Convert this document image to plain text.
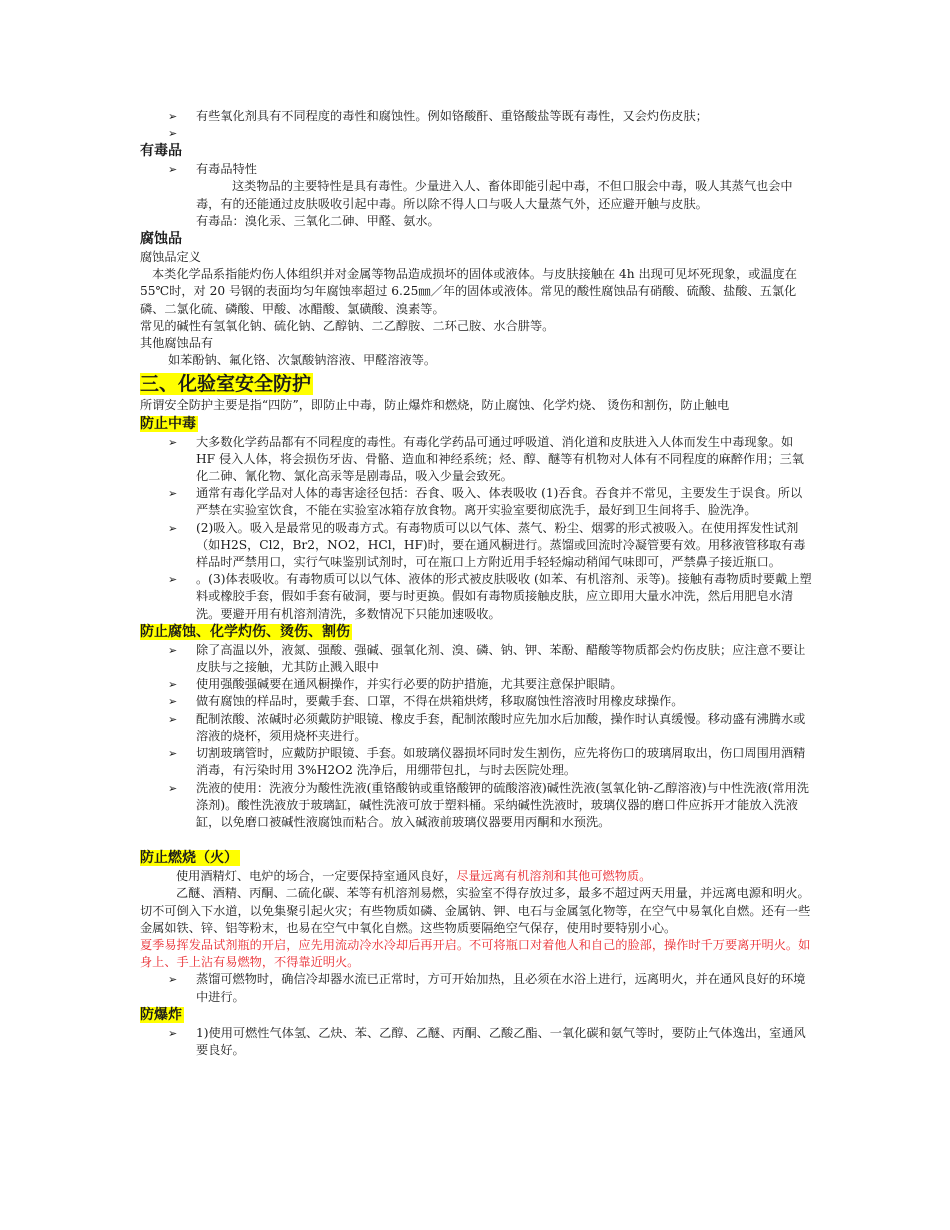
➢ 有些氧化剂具有不同程度的毒性和腐蚀性。例如铬酸酐、重铬酸盐等既有毒性，又会灼伤皮肤；

➢

有毒品

➢ 有毒品特性

这类物品的主要特性是具有毒性。少量进入人、畜体即能引起中毒，不但口服会中毒，吸人其蒸气也会中毒，有的还能通过皮肤吸收引起中毒。所以除不得人口与吸人大量蒸气外，还应避开触与皮肤。

有毒品：溴化汞、三氧化二砷、甲醛、氨水。

腐蚀品

腐蚀品定义

本类化学品系指能灼伤人体组织并对金属等物品造成损坏的固体或液体。与皮肤接触在 4h 出现可见坏死现象，或温度在 55℃时，对 20 号钢的表面均匀年腐蚀率超过 6.25㎜／年的固体或液体。常见的酸性腐蚀品有硝酸、硫酸、盐酸、五氯化磷、二氯化硫、磷酸、甲酸、冰醋酸、氯磺酸、溴素等。

常见的碱性有氢氧化钠、硫化钠、乙醇钠、二乙醇胺、二环己胺、水合肼等。

其他腐蚀品有

如苯酚钠、氟化铬、次氯酸钠溶液、甲醛溶液等。

三、化验室安全防护

所谓安全防护主要是指“四防”，即防止中毒，防止爆炸和燃烧，防止腐蚀、化学灼烧、 烫伤和割伤，防止触电

防止中毒

➢ 大多数化学药品都有不同程度的毒性。有毒化学药品可通过呼吸道、消化道和皮肤进入人体而发生中毒现象。如 HF 侵入人体，将会损伤牙齿、骨骼、造血和神经系统；烃、醇、醚等有机物对人体有不同程度的麻醉作用；三氧化二砷、氰化物、氯化高汞等是剧毒品，吸入少量会致死。

➢ 通常有毒化学品对人体的毒害途径包括：吞食、吸入、体表吸收 (1)吞食。吞食并不常见，主要发生于误食。所以严禁在实验室饮食，不能在实验室冰箱存放食物。离开实验室要彻底洗手，最好到卫生间将手、脸洗净。

➢ (2)吸入。吸入是最常见的吸毒方式。有毒物质可以以气体、蒸气、粉尘、烟雾的形式被吸入。在使用挥发性试剂（如H2S，Cl2，Br2，NO2，HCl，HF)时，要在通风橱进行。蒸馏或回流时冷凝管要有效。用移液管移取有毒样品时严禁用口，实行气味鉴别试剂时，可在瓶口上方附近用手轻轻煽动稍闻气味即可，严禁鼻子接近瓶口。

➢ 。(3)体表吸收。有毒物质可以以气体、液体的形式被皮肤吸收 (如苯、有机溶剂、汞等)。接触有毒物质时要戴上塑料或橡胶手套，假如手套有破洞，要与时更换。假如有毒物质接触皮肤，应立即用大量水冲洗，然后用肥皂水清洗。要避开用有机溶剂清洗，多数情况下只能加速吸收。

防止腐蚀、化学灼伤、烫伤、割伤

➢ 除了高温以外，液氮、强酸、强碱、强氧化剂、溴、磷、钠、钾、苯酚、醋酸等物质都会灼伤皮肤；应注意不要让皮肤与之接触，尤其防止溅入眼中

➢ 使用强酸强碱要在通风橱操作，并实行必要的防护措施，尤其要注意保护眼睛。

➢ 做有腐蚀的样品时，要戴手套、口罩，不得在烘箱烘烤，移取腐蚀性溶液时用橡皮球操作。

➢ 配制浓酸、浓碱时必须戴防护眼镜、橡皮手套，配制浓酸时应先加水后加酸，操作时认真缓慢。移动盛有沸腾水或溶液的烧杯，须用烧杯夹进行。

➢ 切割玻璃管时，应戴防护眼镜、手套。如玻璃仪器损坏同时发生割伤，应先将伤口的玻璃屑取出，伤口周围用酒精消毒，有污染时用 3%H2O2 洗净后，用绷带包扎，与时去医院处理。

➢ 洗液的使用：洗液分为酸性洗液(重铬酸钠或重铬酸钾的硫酸溶液)碱性洗液(氢氧化钠-乙醇溶液)与中性洗液(常用洗涤剂)。酸性洗液放于玻璃缸，碱性洗液可放于塑料桶。采纳碱性洗液时，玻璃仪器的磨口件应拆开才能放入洗液缸，以免磨口被碱性液腐蚀而粘合。放入碱液前玻璃仪器要用丙酮和水预洗。

防止燃烧（火）

使用酒精灯、电炉的场合，一定要保持室通风良好，尽量远离有机溶剂和其他可燃物质。

乙醚、酒精、丙酮、二硫化碳、苯等有机溶剂易燃，实验室不得存放过多，最多不超过两天用量，并远离电源和明火。切不可倒入下水道，以免集聚引起火灾；有些物质如磷、金属钠、钾、电石与金属氢化物等，在空气中易氧化自燃。还有一些金属如铁、锌、铝等粉末，也易在空气中氧化自燃。这些物质要隔绝空气保存，使用时要特别小心。

夏季易挥发品试剂瓶的开启，应先用流动冷水冷却后再开启。不可将瓶口对着他人和自己的脸部，操作时千万要离开明火。如身上、手上沾有易燃物，不得靠近明火。

➢ 蒸馏可燃物时，确信冷却器水流已正常时，方可开始加热，且必须在水浴上进行，远离明火，并在通风良好的环境中进行。

防爆炸

➢ 1)使用可燃性气体氢、乙炔、苯、乙醇、乙醚、丙酮、乙酸乙酯、一氧化碳和氨气等时，要防止气体逸出，室通风要良好。
